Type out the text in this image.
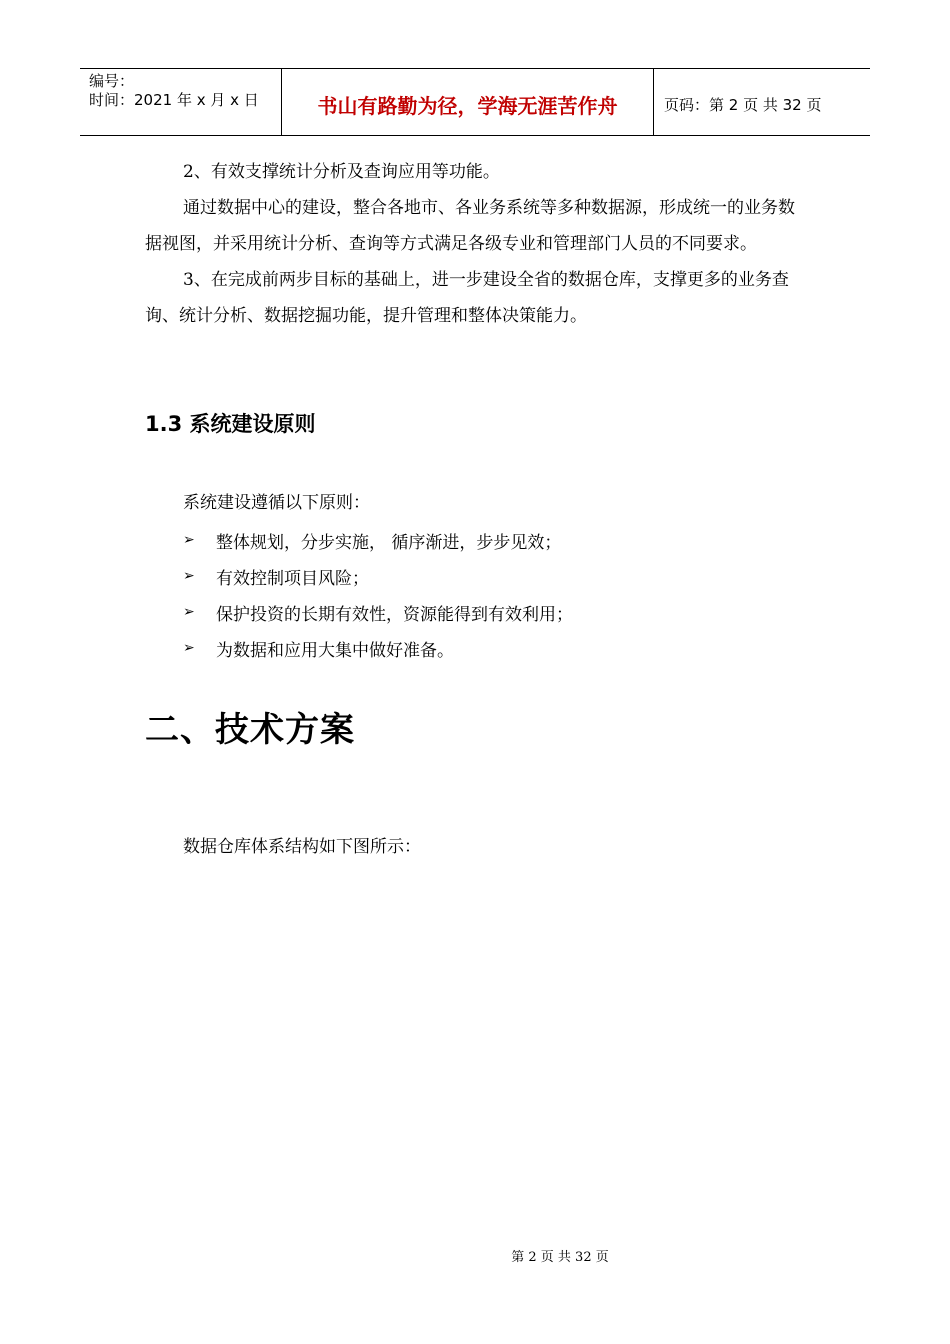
编号：
时间：2021 年 x 月 x 日	书山有路勤为径，学海无涯苦作舟	页码：第 2 页 共 32 页

2、有效支撑统计分析及查询应用等功能。

通过数据中心的建设，整合各地市、各业务系统等多种数据源，形成统一的业务数据视图，并采用统计分析、查询等方式满足各级专业和管理部门人员的不同要求。

3、在完成前两步目标的基础上，进一步建设全省的数据仓库，支撑更多的业务查询、统计分析、数据挖掘功能，提升管理和整体决策能力。

1.3 系统建设原则

系统建设遵循以下原则：

➢	整体规划，分步实施， 循序渐进，步步见效；
➢	有效控制项目风险；
➢	保护投资的长期有效性，资源能得到有效利用；
➢	为数据和应用大集中做好准备。
二、技术方案

数据仓库体系结构如下图所示：

第 2 页 共 32 页
